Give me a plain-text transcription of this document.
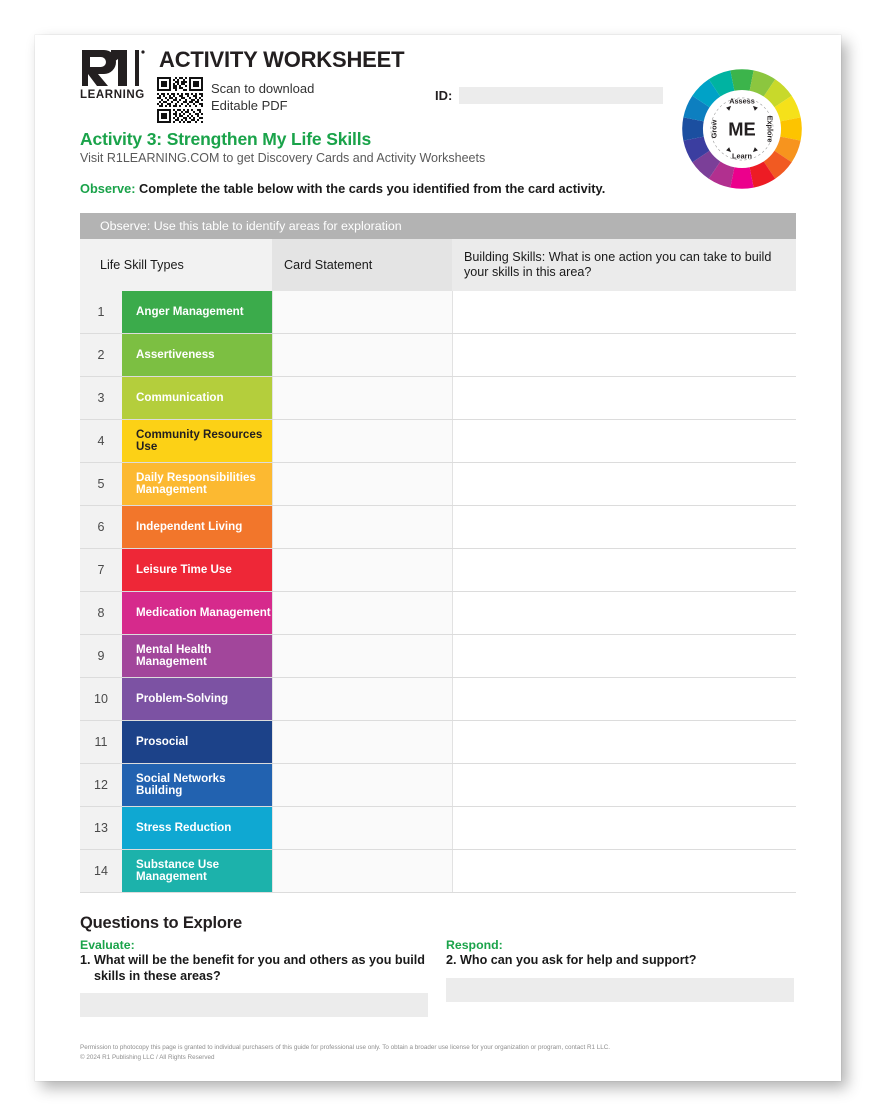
LEARNING
ACTIVITY WORKSHEET
Scan to download
Editable PDF
ID:
ME
Assess
Explore
Learn
Grow
Activity 3: Strengthen My Life Skills
Visit R1LEARNING.COM to get Discovery Cards and Activity Worksheets
Observe: Complete the table below with the cards you identified from the card activity.
Observe: Use this table to identify areas for exploration
Life Skill Types	Card Statement
Building Skills: What is one action you can take to build your skills in this area?
1	Anger Management
2	Assertiveness
3	Communication
4	Community Resources Use
5	Daily Responsibilities Management
6	Independent Living
7	Leisure Time Use
8	Medication Management
9	Mental Health Management
10	Problem-Solving
11	Prosocial
12	Social Networks Building
13	Stress Reduction
14	Substance Use Management
Questions to Explore
Evaluate:
1. What will be the benefit for you and others as you build
skills in these areas?
Respond:
2. Who can you ask for help and support?
Permission to photocopy this page is granted to individual purchasers of this guide for professional use only. To obtain a broader use license for your organization or program, contact R1 LLC.
© 2024 R1 Publishing LLC / All Rights Reserved
